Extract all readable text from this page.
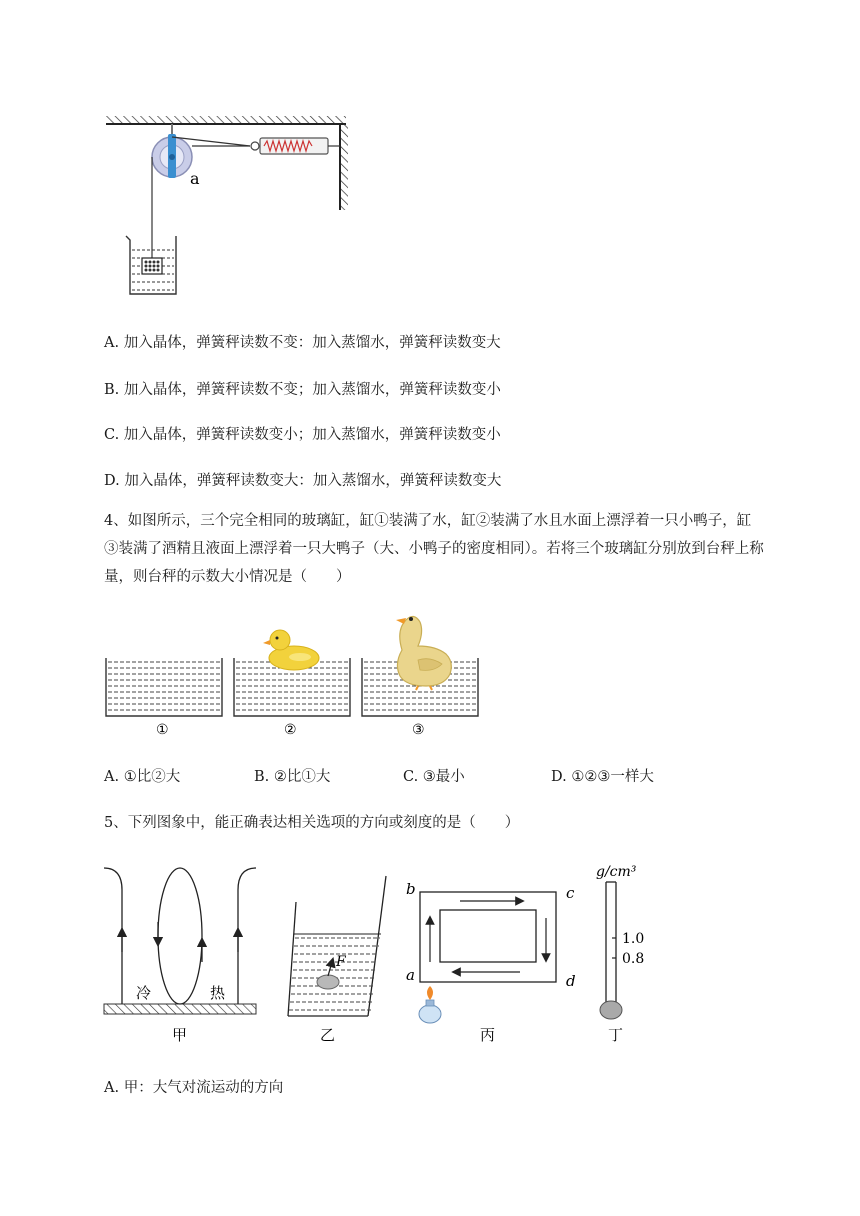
a
A. 加入晶体，弹簧秤读数不变：加入蒸馏水，弹簧秤读数变大
B. 加入晶体，弹簧秤读数不变；加入蒸馏水，弹簧秤读数变小
C. 加入晶体，弹簧秤读数变小；加入蒸馏水，弹簧秤读数变小
D. 加入晶体，弹簧秤读数变大：加入蒸馏水，弹簧秤读数变大
4、如图所示，三个完全相同的玻璃缸，缸①装满了水，缸②装满了水且水面上漂浮着一只小鸭子，缸③装满了酒精且液面上漂浮着一只大鸭子（大、小鸭子的密度相同）。若将三个玻璃缸分别放到台秤上称量，则台秤的示数大小情况是（　　）
①	②	③
A. ①比②大	B. ②比①大	C. ③最小	D. ①②③一样大
5、下列图象中，能正确表达相关选项的方向或刻度的是（　　）
冷	热
甲
F
乙
b	c
a	d
丙
g/cm³
1.0
0.8
丁
A. 甲：大气对流运动的方向
